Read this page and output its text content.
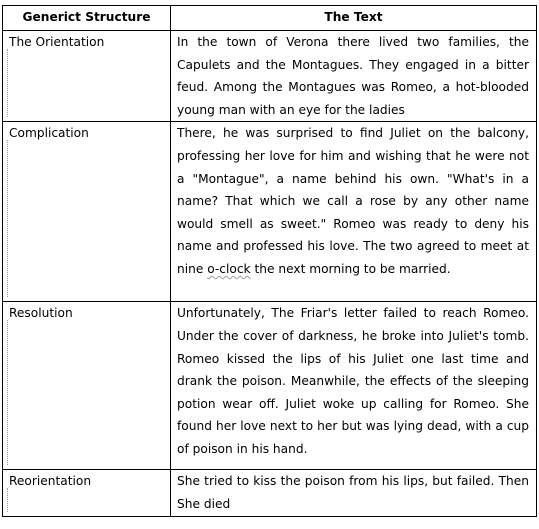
Generict Structure	The Text
The Orientation	In the town of Verona there lived two families, the Capulets and the Montagues. They engaged in a bitter feud. Among the Montagues was Romeo, a hot-blooded young man with an eye for the ladies
Complication	There, he was surprised to find Juliet on the balcony, professing her love for him and wishing that he were not a "Montague", a name behind his own. "What's in a name? That which we call a rose by any other name would smell as sweet." Romeo was ready to deny his name and professed his love. The two agreed to meet at nine o-clock the next morning to be married.
Resolution	Unfortunately, The Friar's letter failed to reach Romeo. Under the cover of darkness, he broke into Juliet's tomb. Romeo kissed the lips of his Juliet one last time and drank the poison. Meanwhile, the effects of the sleeping potion wear off. Juliet woke up calling for Romeo. She found her love next to her but was lying dead, with a cup of poison in his hand.
Reorientation	She tried to kiss the poison from his lips, but failed. Then She died
